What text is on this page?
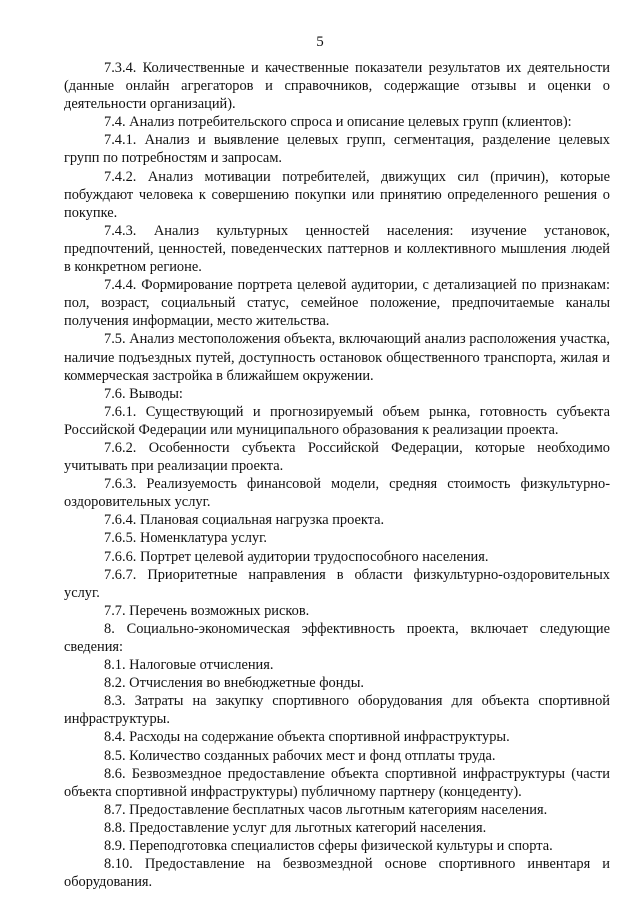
5

7.3.4. Количественные и качественные показатели результатов их деятельности (данные онлайн агрегаторов и справочников, содержащие отзывы и оценки о деятельности организаций).

7.4. Анализ потребительского спроса и описание целевых групп (клиентов):

7.4.1. Анализ и выявление целевых групп, сегментация, разделение целевых групп по потребностям и запросам.

7.4.2. Анализ мотивации потребителей, движущих сил (причин), которые побуждают человека к совершению покупки или принятию определенного решения о покупке.

7.4.3. Анализ культурных ценностей населения: изучение установок, предпочтений, ценностей, поведенческих паттернов и коллективного мышления людей в конкретном регионе.

7.4.4. Формирование портрета целевой аудитории, с детализацией по признакам: пол, возраст, социальный статус, семейное положение, предпочитаемые каналы получения информации, место жительства.

7.5. Анализ местоположения объекта, включающий анализ расположения участка, наличие подъездных путей, доступность остановок общественного транспорта, жилая и коммерческая застройка в ближайшем окружении.

7.6. Выводы:

7.6.1. Существующий и прогнозируемый объем рынка, готовность субъекта Российской Федерации или муниципального образования к реализации проекта.

7.6.2. Особенности субъекта Российской Федерации, которые необходимо учитывать при реализации проекта.

7.6.3. Реализуемость финансовой модели, средняя стоимость физкультурно-оздоровительных услуг.

7.6.4. Плановая социальная нагрузка проекта.

7.6.5. Номенклатура услуг.

7.6.6. Портрет целевой аудитории трудоспособного населения.

7.6.7. Приоритетные направления в области физкультурно-оздоровительных услуг.

7.7. Перечень возможных рисков.

8. Социально-экономическая эффективность проекта, включает следующие сведения:

8.1. Налоговые отчисления.

8.2. Отчисления во внебюджетные фонды.

8.3. Затраты на закупку спортивного оборудования для объекта спортивной инфраструктуры.

8.4. Расходы на содержание объекта спортивной инфраструктуры.

8.5. Количество созданных рабочих мест и фонд отплаты труда.

8.6. Безвозмездное предоставление объекта спортивной инфраструктуры (части объекта спортивной инфраструктуры) публичному партнеру (концеденту).

8.7. Предоставление бесплатных часов льготным категориям населения.

8.8. Предоставление услуг для льготных категорий населения.

8.9. Переподготовка специалистов сферы физической культуры и спорта.

8.10. Предоставление на безвозмездной основе спортивного инвентаря и оборудования.
